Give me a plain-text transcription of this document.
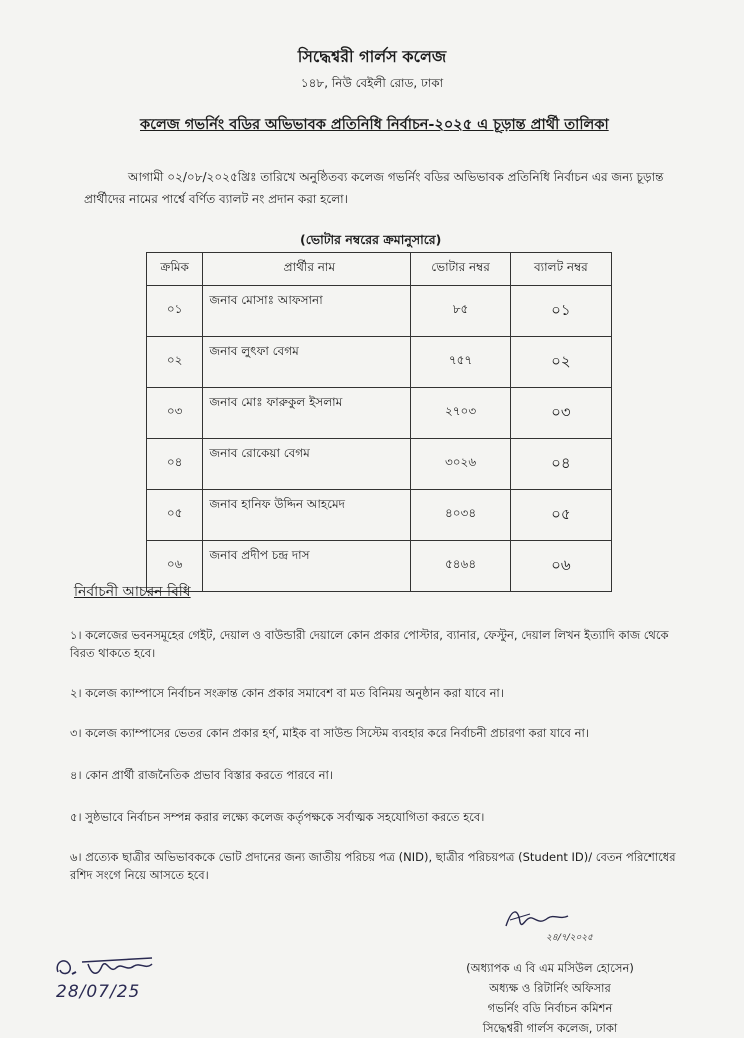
সিদ্ধেশ্বরী গার্লস কলেজ
১৪৮, নিউ বেইলী রোড, ঢাকা
কলেজ গভর্নিং বডির অভিভাবক প্রতিনিধি নির্বাচন-২০২৫ এ চূড়ান্ত প্রার্থী তালিকা

আগামী ০২/০৮/২০২৫খ্রিঃ তারিখে অনুষ্ঠিতব্য কলেজ গভর্নিং বডির অভিভাবক প্রতিনিধি নির্বাচন এর জন্য চূড়ান্ত প্রার্থীদের নামের পার্শ্বে বর্ণিত ব্যালট নং প্রদান করা হলো।

(ভোটার নম্বরের ক্রমানুসারে)
ক্রমিক	প্রার্থীর নাম	ভোটার নম্বর	ব্যালট নম্বর
০১	জনাব মোসাঃ আফসানা	৮৫	০১
০২	জনাব লুৎফা বেগম	৭৫৭	০২
০৩	জনাব মোঃ ফারুকুল ইসলাম	২৭০৩	০৩
০৪	জনাব রোকেয়া বেগম	৩০২৬	০৪
০৫	জনাব হানিফ উদ্দিন আহমেদ	৪০৩৪	০৫
০৬	জনাব প্রদীপ চন্দ্র দাস	৫৪৬৪	০৬
নির্বাচনী আচরন বিধি

১। কলেজের ভবনসমূহের গেইট, দেয়াল ও বাউন্ডারী দেয়ালে কোন প্রকার পোস্টার, ব্যানার, ফেস্টুন, দেয়াল লিখন ইত্যাদি কাজ থেকে বিরত থাকতে হবে।

২। কলেজ ক্যাম্পাসে নির্বাচন সংক্রান্ত কোন প্রকার সমাবেশ বা মত বিনিময় অনুষ্ঠান করা যাবে না।

৩। কলেজ ক্যাম্পাসের ভেতর কোন প্রকার হর্ণ, মাইক বা সাউন্ড সিস্টেম ব্যবহার করে নির্বাচনী প্রচারণা করা যাবে না।

৪। কোন প্রার্থী রাজনৈতিক প্রভাব বিস্তার করতে পারবে না।

৫। সুষ্ঠভাবে নির্বাচন সম্পন্ন করার লক্ষ্যে কলেজ কর্তৃপক্ষকে সর্বাত্মক সহযোগিতা করতে হবে।

৬। প্রত্যেক ছাত্রীর অভিভাবককে ভোট প্রদানের জন্য জাতীয় পরিচয় পত্র (NID), ছাত্রীর পরিচয়পত্র (Student ID)/ বেতন পরিশোধের রশিদ সংগে নিয়ে আসতে হবে।

২৪/৭/২০২৫
(অধ্যাপক এ বি এম মসিউল হোসেন)
অধ্যক্ষ ও রিটার্নিং অফিসার
গভর্নিং বডি নির্বাচন কমিশন
সিদ্ধেশ্বরী গার্লস কলেজ, ঢাকা
28/07/25
